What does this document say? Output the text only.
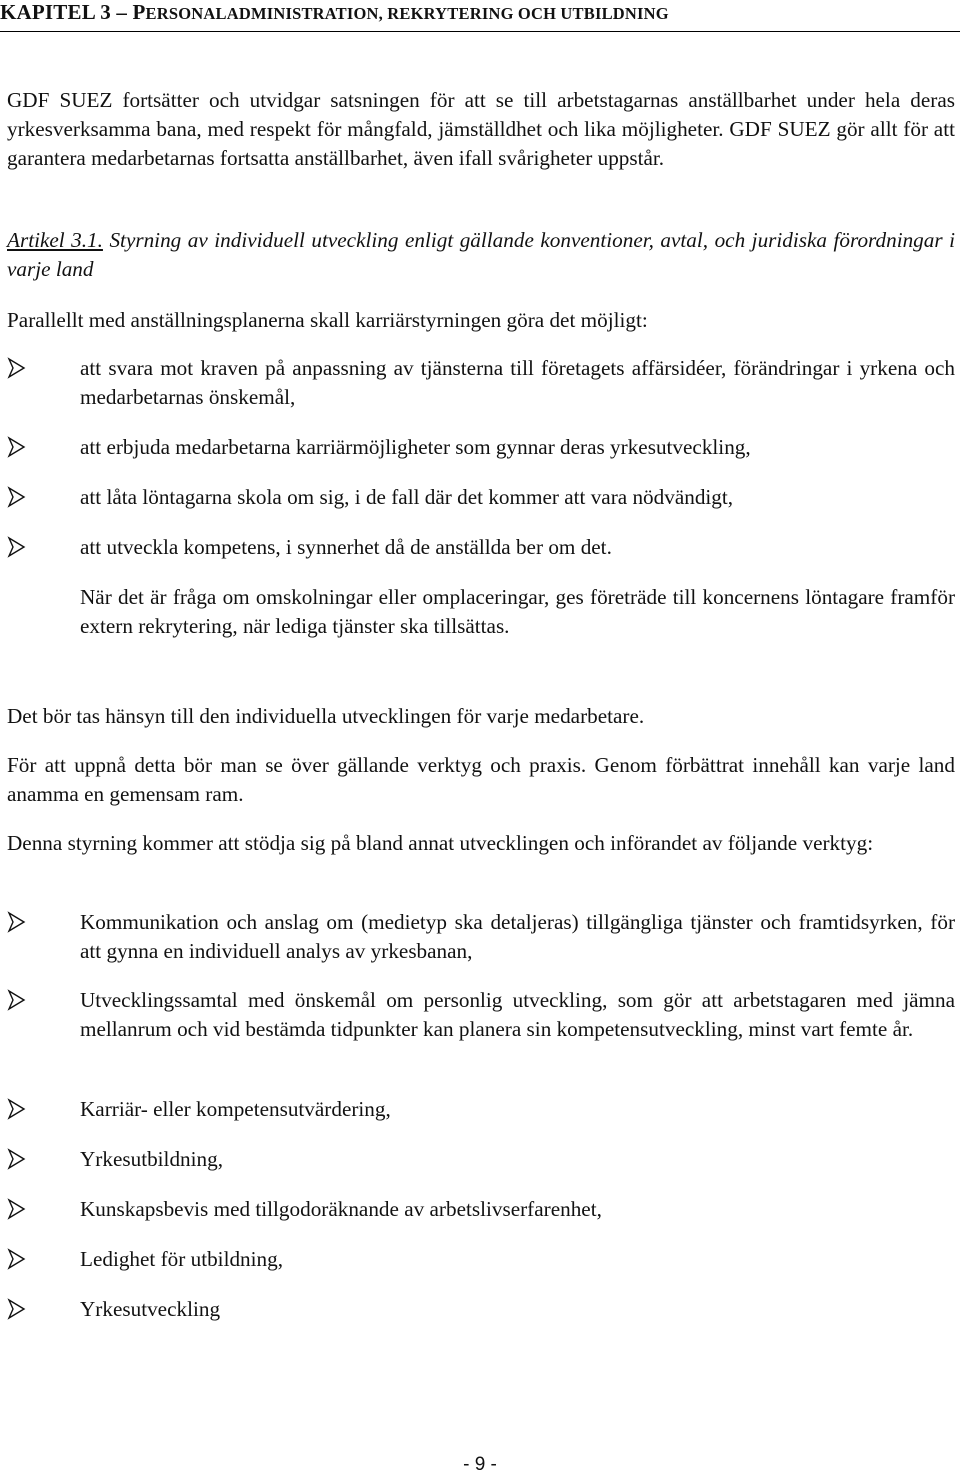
KAPITEL 3 – PERSONALADMINISTRATION, REKRYTERING OCH UTBILDNING
GDF SUEZ fortsätter och utvidgar satsningen för att se till arbetstagarnas anställbarhet under hela deras yrkesverksamma bana, med respekt för mångfald, jämställdhet och lika möjligheter. GDF SUEZ gör allt för att garantera medarbetarnas fortsatta anställbarhet, även ifall svårigheter uppstår.
Artikel 3.1. Styrning av individuell utveckling enligt gällande konventioner, avtal, och juridiska förordningar i varje land
Parallellt med anställningsplanerna skall karriärstyrningen göra det möjligt:
att svara mot kraven på anpassning av tjänsterna till företagets affärsidéer, förändringar i yrkena och medarbetarnas önskemål,
att erbjuda medarbetarna karriärmöjligheter som gynnar deras yrkesutveckling,
att låta löntagarna skola om sig, i de fall där det kommer att vara nödvändigt,
att utveckla kompetens, i synnerhet då de anställda ber om det.
När det är fråga om omskolningar eller omplaceringar, ges företräde till koncernens löntagare framför extern rekrytering, när lediga tjänster ska tillsättas.
Det bör tas hänsyn till den individuella utvecklingen för varje medarbetare.
För att uppnå detta bör man se över gällande verktyg och praxis. Genom förbättrat innehåll kan varje land anamma en gemensam ram.
Denna styrning kommer att stödja sig på bland annat utvecklingen och införandet av följande verktyg:
Kommunikation och anslag om (medietyp ska detaljeras) tillgängliga tjänster och framtidsyrken, för att gynna en individuell analys av yrkesbanan,
Utvecklingssamtal med önskemål om personlig utveckling, som gör att arbetstagaren med jämna mellanrum och vid bestämda tidpunkter kan planera sin kompetensutveckling, minst vart femte år.
Karriär- eller kompetensutvärdering,
Yrkesutbildning,
Kunskapsbevis med tillgodoräknande av arbetslivserfarenhet,
Ledighet för utbildning,
Yrkesutveckling
- 9 -
